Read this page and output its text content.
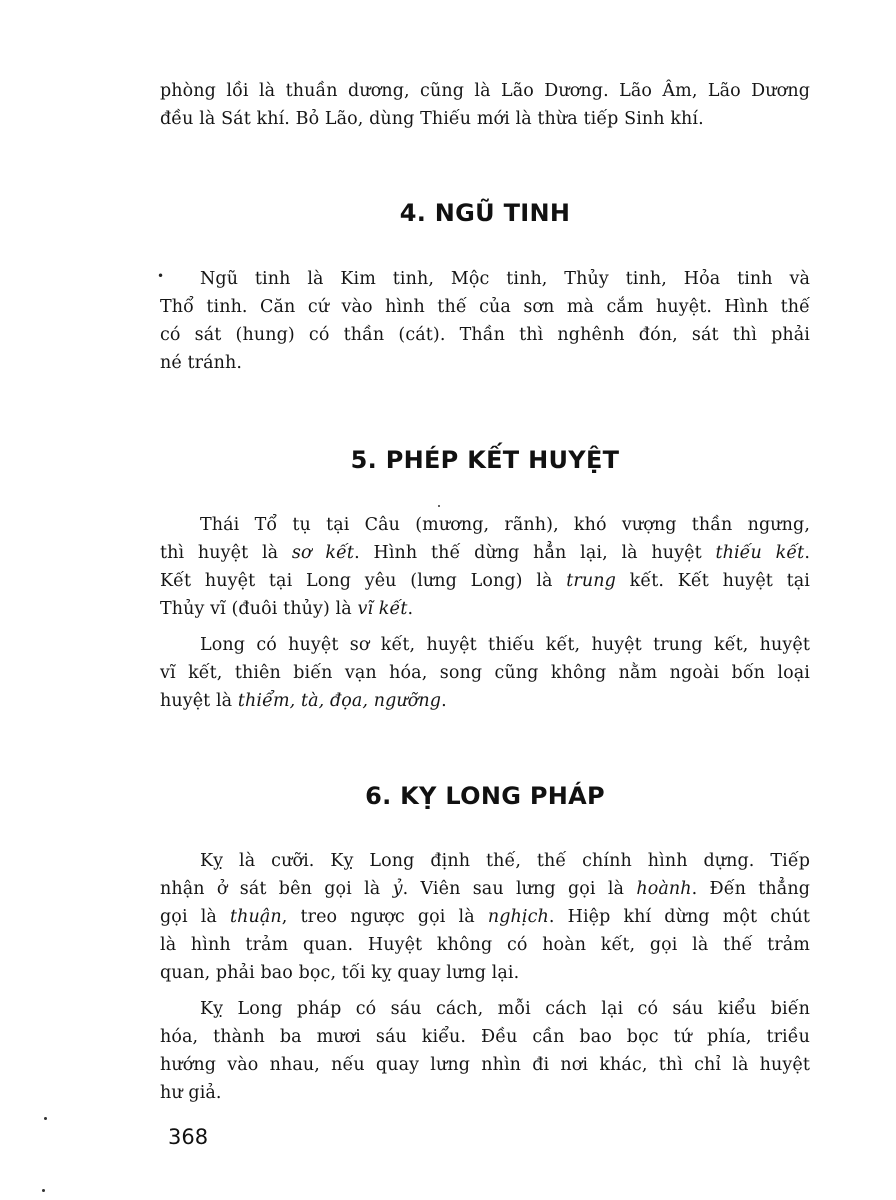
phòng lồi là thuần dương, cũng là Lão Dương. Lão Âm, Lão Dương
đều là Sát khí. Bỏ Lão, dùng Thiếu mới là thừa tiếp Sinh khí.
4. NGŨ TINH
• Ngũ tinh là Kim tinh, Mộc tinh, Thủy tinh, Hỏa tinh và
Thổ tinh. Căn cứ vào hình thế của sơn mà cắm huyệt. Hình thế
có sát (hung) có thần (cát). Thần thì nghênh đón, sát thì phải
né tránh.
5. PHÉP KẾT HUYỆT
Thái Tổ tụ tại Câu (mương, rãnh), khó vượng thần ngưng,
thì huyệt là sơ kết. Hình thế dừng hẳn lại, là huyệt thiếu kết.
Kết huyệt tại Long yêu (lưng Long) là trung kết. Kết huyệt tại
Thủy vĩ (đuôi thủy) là vĩ kết.
Long có huyệt sơ kết, huyệt thiếu kết, huyệt trung kết, huyệt
vĩ kết, thiên biến vạn hóa, song cũng không nằm ngoài bốn loại
huyệt là thiểm, tà, đọa, ngưỡng.
6. KỴ LONG PHÁP
Kỵ là cưỡi. Kỵ Long định thế, thế chính hình dựng. Tiếp
nhận ở sát bên gọi là ỷ. Viên sau lưng gọi là hoành. Đến thẳng
gọi là thuận, treo ngược gọi là nghịch. Hiệp khí dừng một chút
là hình trảm quan. Huyệt không có hoàn kết, gọi là thế trảm
quan, phải bao bọc, tối kỵ quay lưng lại.
Kỵ Long pháp có sáu cách, mỗi cách lại có sáu kiểu biến
hóa, thành ba mươi sáu kiểu. Đều cần bao bọc tứ phía, triều
hướng vào nhau, nếu quay lưng nhìn đi nơi khác, thì chỉ là huyệt
hư giả.
368
